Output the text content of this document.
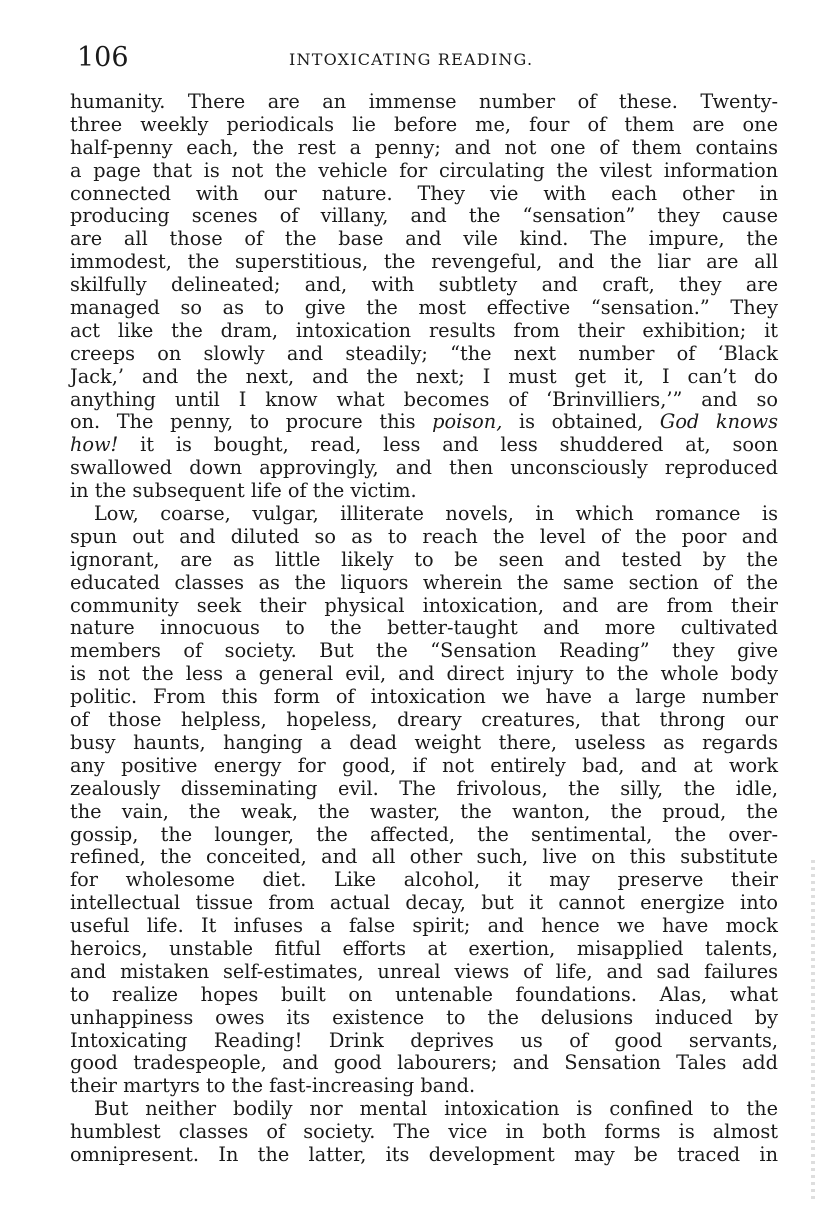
106	INTOXICATING READING.
humanity. There are an immense number of these. Twenty-
three weekly periodicals lie before me, four of them are one
half-penny each, the rest a penny; and not one of them contains
a page that is not the vehicle for circulating the vilest information
connected with our nature. They vie with each other in
producing scenes of villany, and the “sensation” they cause
are all those of the base and vile kind. The impure, the
immodest, the superstitious, the revengeful, and the liar are all
skilfully delineated; and, with subtlety and craft, they are
managed so as to give the most effective “sensation.” They
act like the dram, intoxication results from their exhibition; it
creeps on slowly and steadily; “the next number of ‘Black
Jack,’ and the next, and the next; I must get it, I can’t do
anything until I know what becomes of ‘Brinvilliers,’” and so
on. The penny, to procure this poison, is obtained, God knows
how! it is bought, read, less and less shuddered at, soon
swallowed down approvingly, and then unconsciously reproduced
in the subsequent life of the victim.
Low, coarse, vulgar, illiterate novels, in which romance is
spun out and diluted so as to reach the level of the poor and
ignorant, are as little likely to be seen and tested by the
educated classes as the liquors wherein the same section of the
community seek their physical intoxication, and are from their
nature innocuous to the better-taught and more cultivated
members of society. But the “Sensation Reading” they give
is not the less a general evil, and direct injury to the whole body
politic. From this form of intoxication we have a large number
of those helpless, hopeless, dreary creatures, that throng our
busy haunts, hanging a dead weight there, useless as regards
any positive energy for good, if not entirely bad, and at work
zealously disseminating evil. The frivolous, the silly, the idle,
the vain, the weak, the waster, the wanton, the proud, the
gossip, the lounger, the affected, the sentimental, the over-
refined, the conceited, and all other such, live on this substitute
for wholesome diet. Like alcohol, it may preserve their
intellectual tissue from actual decay, but it cannot energize into
useful life. It infuses a false spirit; and hence we have mock
heroics, unstable fitful efforts at exertion, misapplied talents,
and mistaken self-estimates, unreal views of life, and sad failures
to realize hopes built on untenable foundations. Alas, what
unhappiness owes its existence to the delusions induced by
Intoxicating Reading! Drink deprives us of good servants,
good tradespeople, and good labourers; and Sensation Tales add
their martyrs to the fast-increasing band.
But neither bodily nor mental intoxication is confined to the
humblest classes of society. The vice in both forms is almost
omnipresent. In the latter, its development may be traced in
